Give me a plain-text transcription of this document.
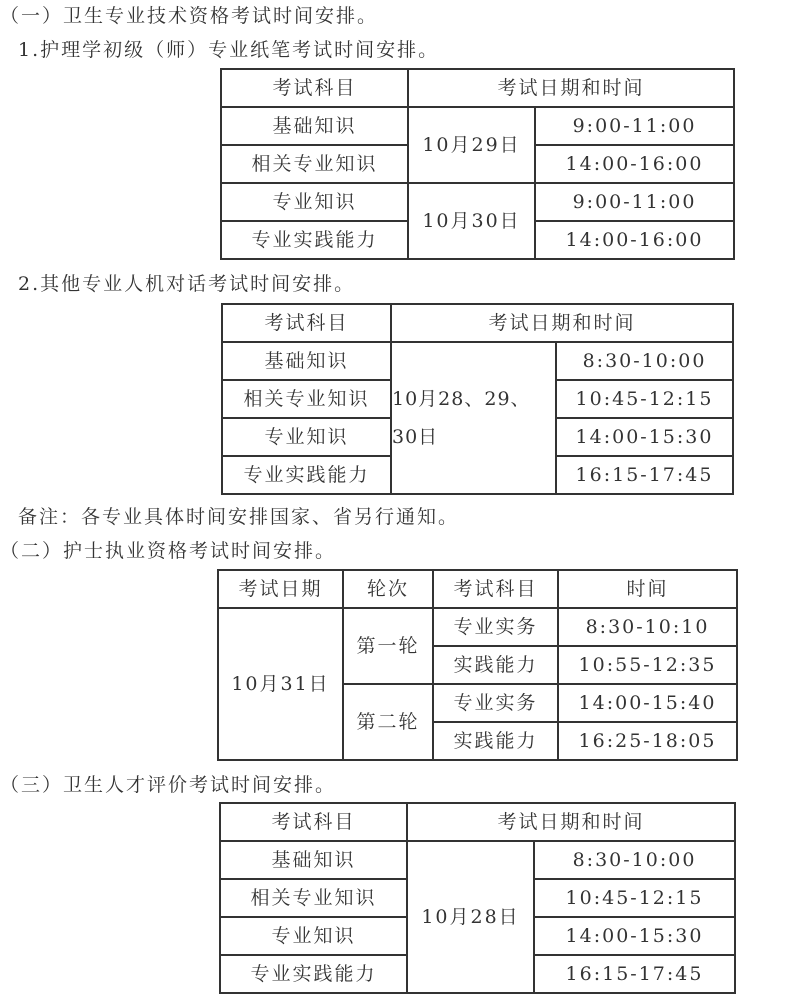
（一）卫生专业技术资格考试时间安排。
1.护理学初级（师）专业纸笔考试时间安排。
考试科目	考试日期和时间	
基础知识	10月29日	9:00-11:00
相关专业知识		14:00-16:00
专业知识	10月30日	9:00-11:00
专业实践能力		14:00-16:00
2.其他专业人机对话考试时间安排。
考试科目	考试日期和时间	
基础知识	10月28、29、30日	8:30-10:00
相关专业知识		10:45-12:15
专业知识		14:00-15:30
专业实践能力		16:15-17:45
备注：各专业具体时间安排国家、省另行通知。
（二）护士执业资格考试时间安排。
考试日期	轮次	考试科目	时间
10月31日	第一轮	专业实务	8:30-10:10
		实践能力	10:55-12:35
	第二轮	专业实务	14:00-15:40
		实践能力	16:25-18:05
（三）卫生人才评价考试时间安排。
考试科目	考试日期和时间	
基础知识	10月28日	8:30-10:00
相关专业知识		10:45-12:15
专业知识		14:00-15:30
专业实践能力		16:15-17:45
